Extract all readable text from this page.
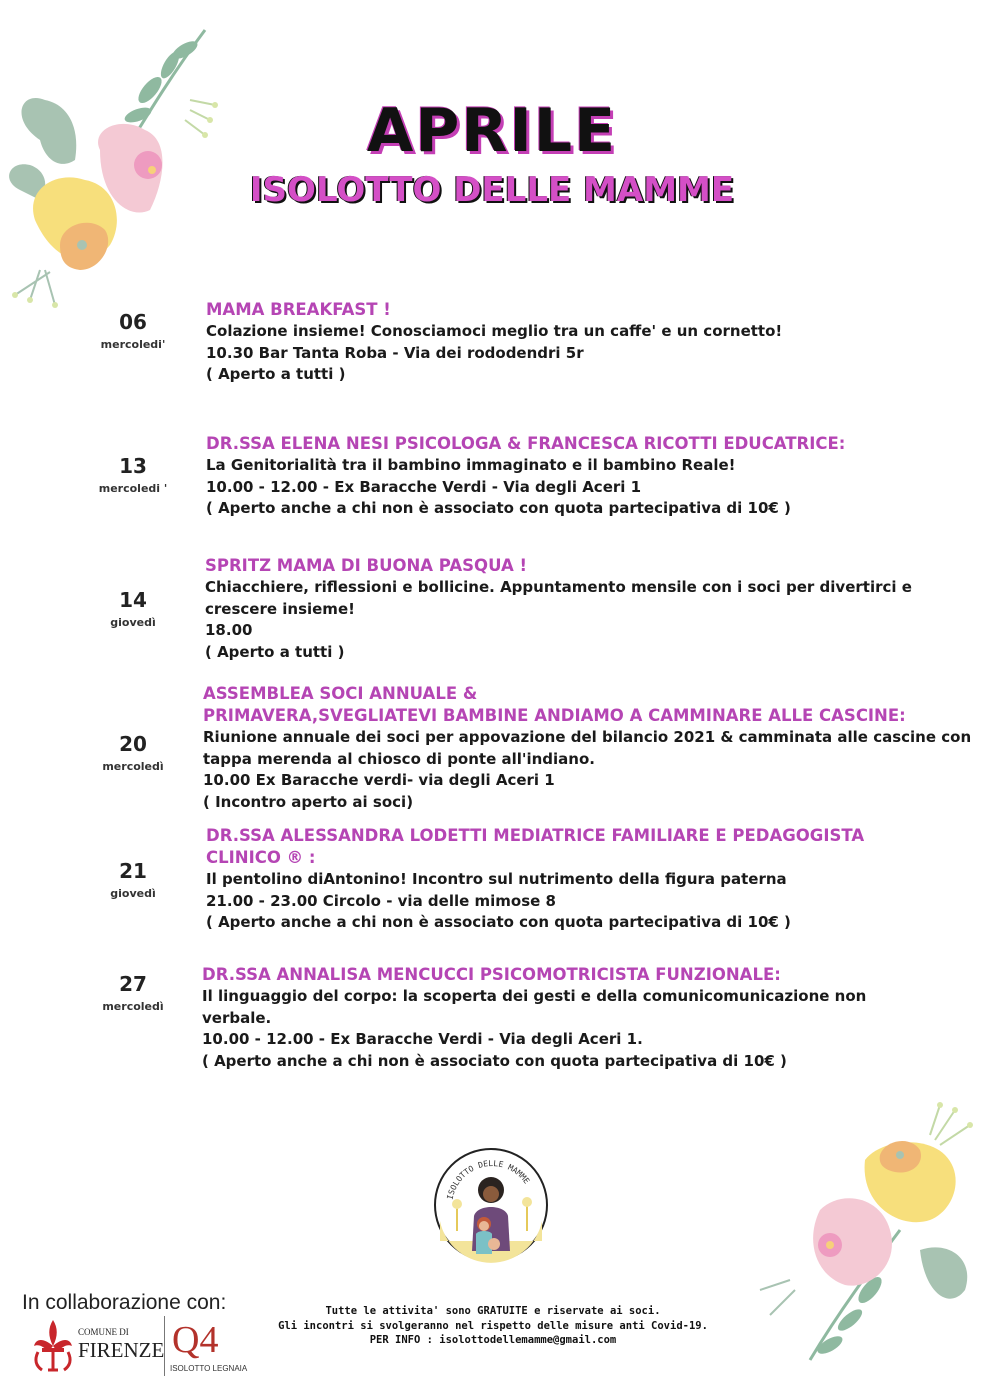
APRILE
ISOLOTTO DELLE MAMME
06
mercoledi'

MAMA BREAKFAST !

Colazione insieme! Conosciamoci meglio tra un caffe' e un cornetto!

10.30 Bar Tanta Roba - Via dei rododendri 5r

( Aperto a tutti )

13
mercoledi '

DR.SSA ELENA NESI PSICOLOGA & FRANCESCA RICOTTI EDUCATRICE:

La Genitorialità tra il bambino immaginato e il bambino Reale!

10.00 - 12.00 - Ex Baracche Verdi - Via degli Aceri 1

( Aperto anche a chi non è associato con quota partecipativa di 10€ )

14
giovedì

SPRITZ MAMA DI BUONA PASQUA !

Chiacchiere, riflessioni e bollicine. Appuntamento mensile con i soci per divertirci e

crescere insieme!

18.00

( Aperto a tutti )

20
mercoledì

ASSEMBLEA SOCI ANNUALE &

PRIMAVERA,SVEGLIATEVI BAMBINE ANDIAMO A CAMMINARE ALLE CASCINE:

Riunione annuale dei soci per appovazione del bilancio 2021 & camminata alle cascine con

tappa merenda al chiosco di ponte all'indiano.

10.00 Ex Baracche verdi- via degli Aceri 1

( Incontro aperto ai soci)

21
giovedì

DR.SSA ALESSANDRA LODETTI MEDIATRICE FAMILIARE E PEDAGOGISTA

CLINICO ® :

Il pentolino diAntonino! Incontro sul nutrimento della figura paterna

21.00 - 23.00 Circolo - via delle mimose 8

( Aperto anche a chi non è associato con quota partecipativa di 10€ )

27
mercoledì

DR.SSA ANNALISA MENCUCCI PSICOMOTRICISTA FUNZIONALE:

Il linguaggio del corpo: la scoperta dei gesti e della comunicomunicazione non

verbale.

10.00 - 12.00 - Ex Baracche Verdi - Via degli Aceri 1.

( Aperto anche a chi non è associato con quota partecipativa di 10€ )

ISOLOTTO DELLE MAMME
In collaborazione con:
COMUNE DI
FIRENZE Q4
ISOLOTTO LEGNAIA
Tutte le attivita' sono GRATUITE e riservate ai soci.
Gli incontri si svolgeranno nel rispetto delle misure anti Covid-19.
PER INFO : isolottodellemamme@gmail.com
